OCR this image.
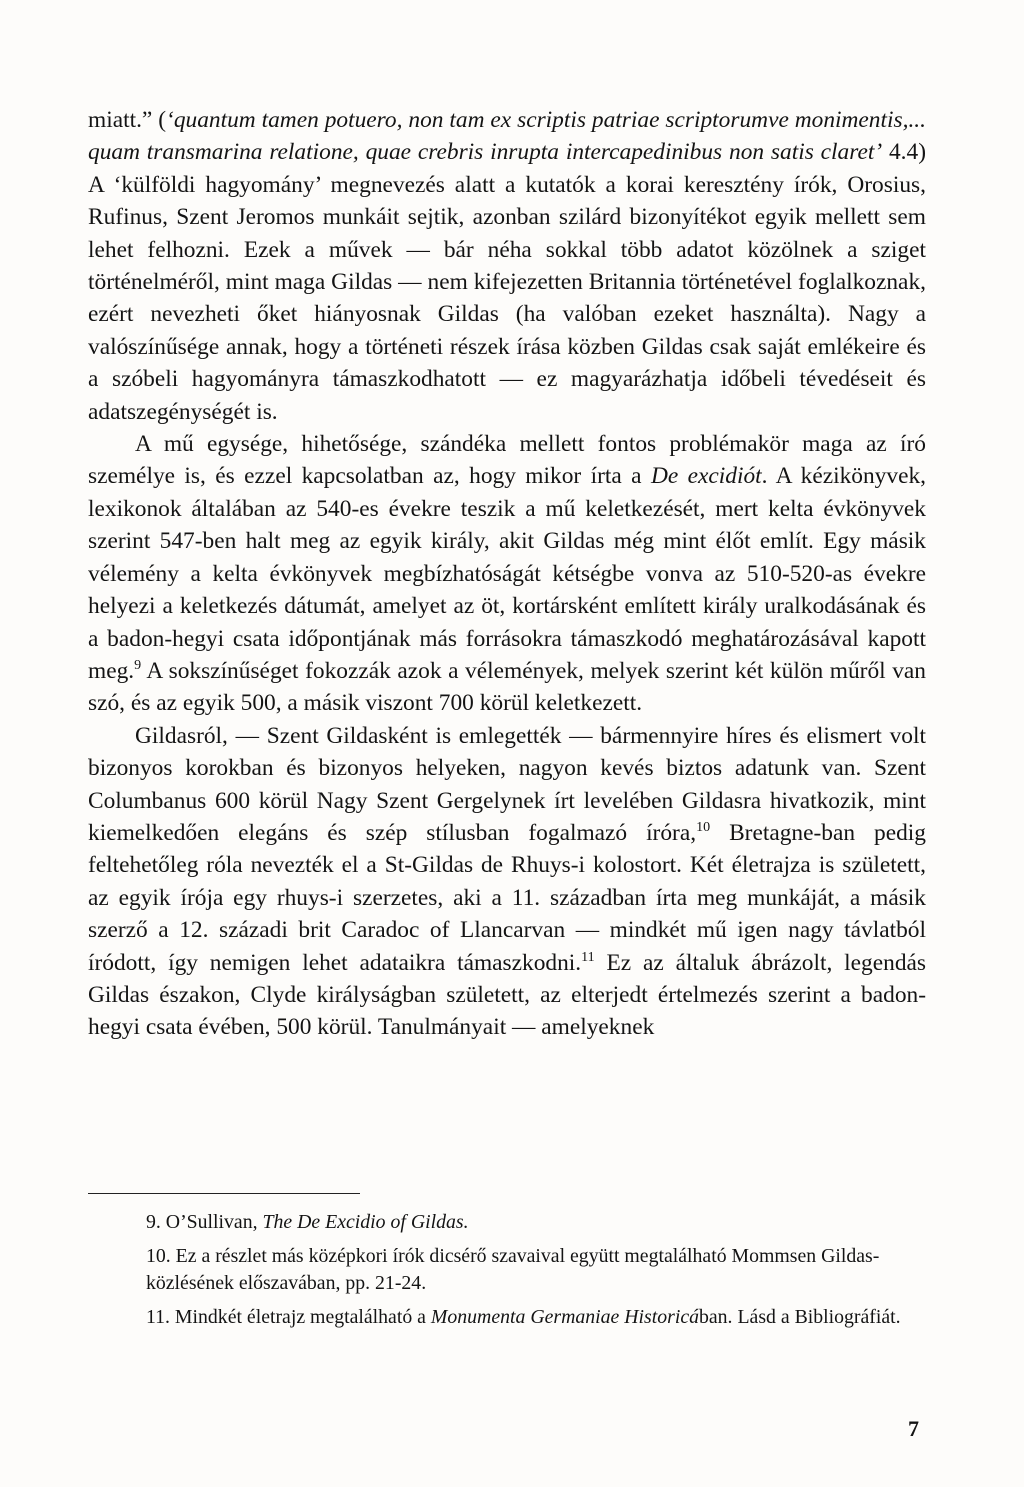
miatt.” (‘quantum tamen potuero, non tam ex scriptis patriae scriptorumve monimentis,... quam transmarina relatione, quae crebris inrupta intercapedinibus non satis claret’ 4.4) A ‘külföldi hagyomány’ megnevezés alatt a kutatók a korai keresztény írók, Orosius, Rufinus, Szent Jeromos munkáit sejtik, azonban szilárd bizonyítékot egyik mellett sem lehet felhozni. Ezek a művek — bár néha sokkal több adatot közölnek a sziget történelméről, mint maga Gildas — nem kifejezetten Britannia történetével foglalkoznak, ezért nevezheti őket hiányosnak Gildas (ha valóban ezeket használta). Nagy a valószínűsége annak, hogy a történeti részek írása közben Gildas csak saját emlékeire és a szóbeli hagyományra támaszkodhatott — ez magyarázhatja időbeli tévedéseit és adatszegénységét is.

A mű egysége, hihetősége, szándéka mellett fontos problémakör maga az író személye is, és ezzel kapcsolatban az, hogy mikor írta a De excidiót. A kézikönyvek, lexikonok általában az 540-es évekre teszik a mű keletkezését, mert kelta évkönyvek szerint 547-ben halt meg az egyik király, akit Gildas még mint élőt említ. Egy másik vélemény a kelta évkönyvek megbízhatóságát kétségbe vonva az 510-520-as évekre helyezi a keletkezés dátumát, amelyet az öt, kortársként említett király uralkodásának és a badon-hegyi csata időpontjának más forrásokra támaszkodó meghatározásával kapott meg.$^9$ A sokszínűséget fokozzák azok a vélemények, melyek szerint két külön műről van szó, és az egyik 500, a másik viszont 700 körül keletkezett.

Gildasról, — Szent Gildasként is emlegették — bármennyire híres és elismert volt bizonyos korokban és bizonyos helyeken, nagyon kevés biztos adatunk van. Szent Columbanus 600 körül Nagy Szent Gergelynek írt levelében Gildasra hivatkozik, mint kiemelkedően elegáns és szép stílusban fogalmazó íróra,$^{10}$ Bretagne-ban pedig feltehetőleg róla nevezték el a St-Gildas de Rhuys-i kolostort. Két életrajza is született, az egyik írója egy rhuys-i szerzetes, aki a 11. században írta meg munkáját, a másik szerző a 12. századi brit Caradoc of Llancarvan — mindkét mű igen nagy távlatból íródott, így nemigen lehet adataikra támaszkodni.$^{11}$ Ez az általuk ábrázolt, legendás Gildas északon, Clyde királyságban született, az elterjedt értelmezés szerint a badon-hegyi csata évében, 500 körül. Tanulmányait — amelyeknek

9. O’Sullivan, The De Excidio of Gildas.

10. Ez a részlet más középkori írók dicsérő szavaival együtt megtalálható Mommsen Gildas-közlésének előszavában, pp. 21-24.

11. Mindkét életrajz megtalálható a Monumenta Germaniae Historicában. Lásd a Bibliográfiát.

7
